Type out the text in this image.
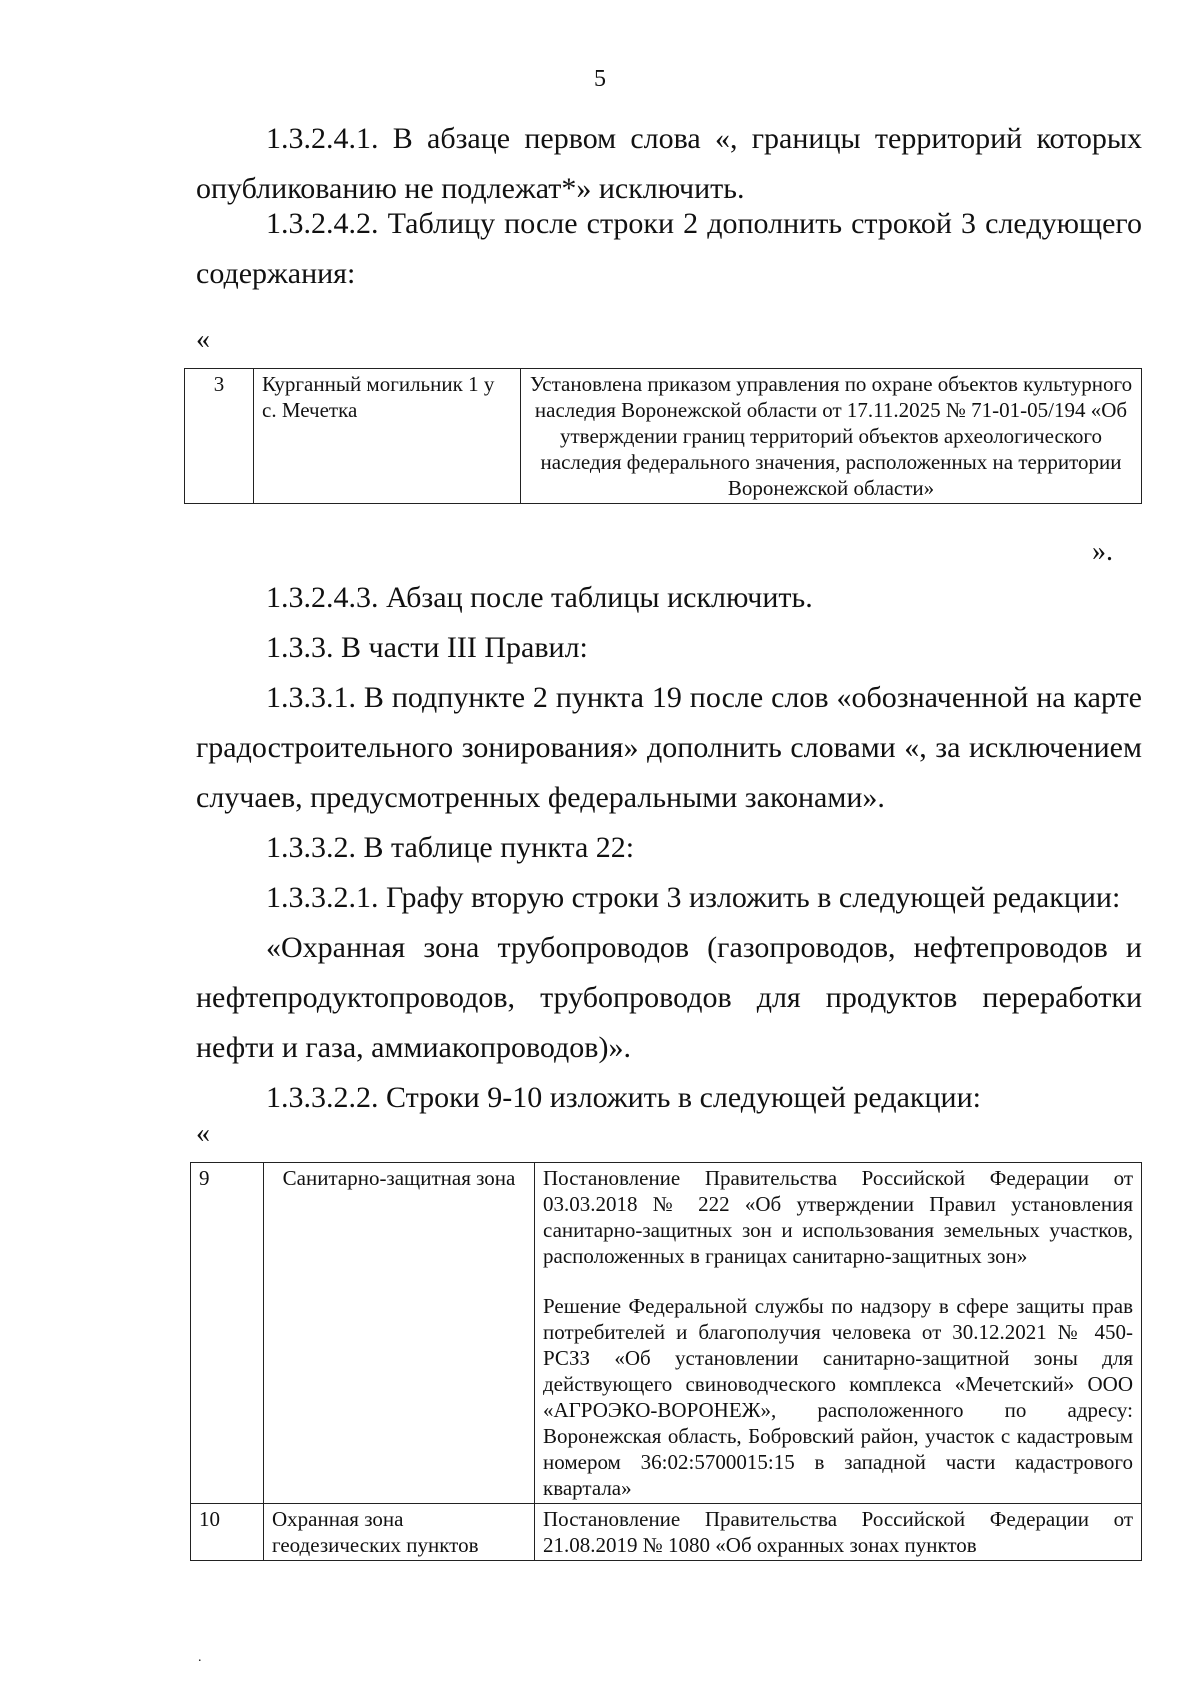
5

1.3.2.4.1. В абзаце первом слова «, границы территорий которых опубликованию не подлежат*» исключить.

1.3.2.4.2. Таблицу после строки 2 дополнить строкой 3 следующего содержания:

«
3	Курганный могильник 1 у с. Мечетка	Установлена приказом управления по охране объектов культурного наследия Воронежской области от 17.11.2025 № 71-01-05/194 «Об утверждении границ территорий объектов археологического наследия федерального значения, расположенных на территории Воронежской области»
».

1.3.2.4.3. Абзац после таблицы исключить.

1.3.3. В части III Правил:

1.3.3.1. В подпункте 2 пункта 19 после слов «обозначенной на карте градостроительного зонирования» дополнить словами «, за исключением случаев, предусмотренных федеральными законами».

1.3.3.2. В таблице пункта 22:

1.3.3.2.1. Графу вторую строки 3 изложить в следующей редакции:

«Охранная зона трубопроводов (газопроводов, нефтепроводов и нефтепродуктопроводов, трубопроводов для продуктов переработки нефти и газа, аммиакопроводов)».

1.3.3.2.2. Строки 9-10 изложить в следующей редакции:

«
9	Санитарно-защитная зона	Постановление Правительства Российской Федерации от 03.03.2018 № 222 «Об утверждении Правил установления санитарно-защитных зон и использования земельных участков, расположенных в границах санитарно-защитных зон»
Решение Федеральной службы по надзору в сфере защиты прав потребителей и благополучия человека от 30.12.2021 № 450-РСЗЗ «Об установлении санитарно-защитной зоны для действующего свиноводческого комплекса «Мечетский» ООО «АГРОЭКО-ВОРОНЕЖ», расположенного по адресу: Воронежская область, Бобровский район, участок с кадастровым номером 36:02:5700015:15 в западной части кадастрового квартала»

10	Охранная зона геодезических пунктов	Постановление Правительства Российской Федерации от 21.08.2019 № 1080 «Об охранных зонах пунктов
.
